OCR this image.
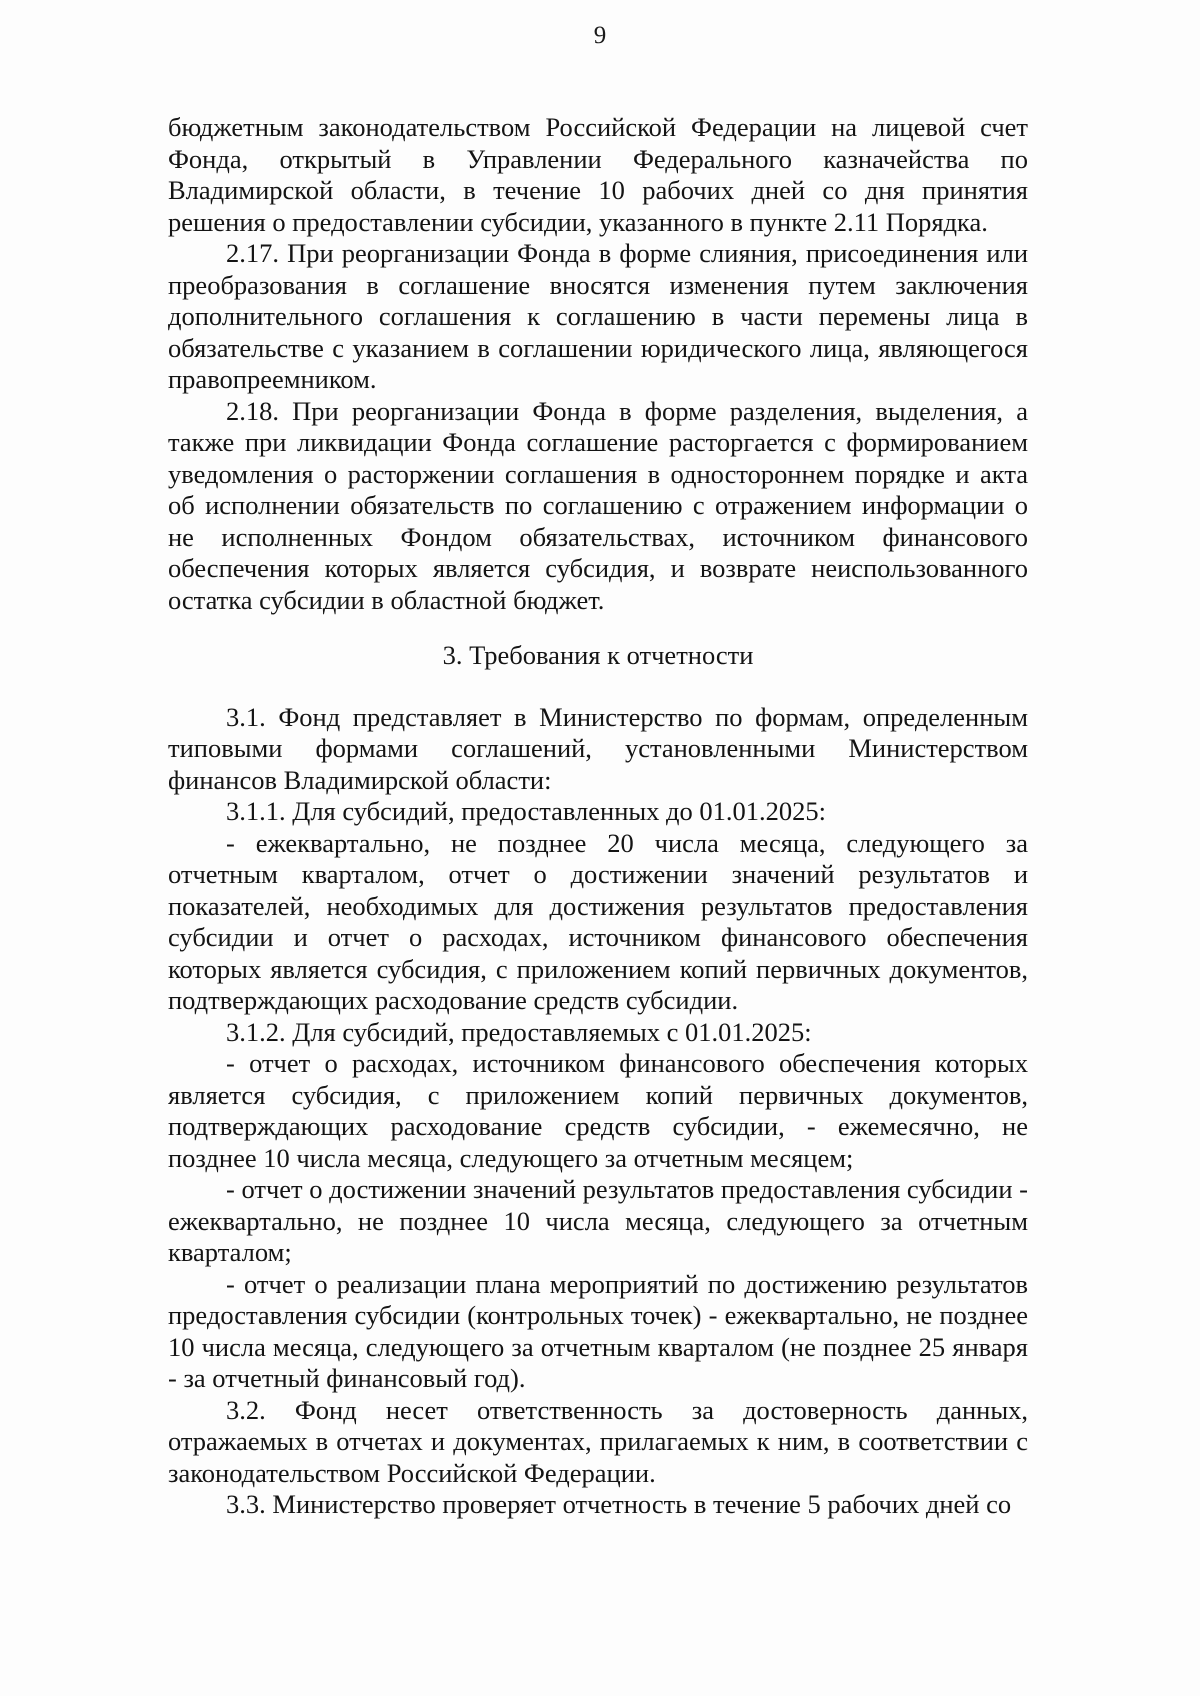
9

бюджетным законодательством Российской Федерации на лицевой счет Фонда, открытый в Управлении Федерального казначейства по Владимирской области, в течение 10 рабочих дней со дня принятия решения о предоставлении субсидии, указанного в пункте 2.11 Порядка.

2.17. При реорганизации Фонда в форме слияния, присоединения или преобразования в соглашение вносятся изменения путем заключения дополнительного соглашения к соглашению в части перемены лица в обязательстве с указанием в соглашении юридического лица, являющегося правопреемником.

2.18. При реорганизации Фонда в форме разделения, выделения, а также при ликвидации Фонда соглашение расторгается с формированием уведомления о расторжении соглашения в одностороннем порядке и акта об исполнении обязательств по соглашению с отражением информации о не исполненных Фондом обязательствах, источником финансового обеспечения которых является субсидия, и возврате неиспользованного остатка субсидии в областной бюджет.

3. Требования к отчетности

3.1. Фонд представляет в Министерство по формам, определенным типовыми формами соглашений, установленными Министерством финансов Владимирской области:

3.1.1. Для субсидий, предоставленных до 01.01.2025:

- ежеквартально, не позднее 20 числа месяца, следующего за отчетным кварталом, отчет о достижении значений результатов и показателей, необходимых для достижения результатов предоставления субсидии и отчет о расходах, источником финансового обеспечения которых является субсидия, с приложением копий первичных документов, подтверждающих расходование средств субсидии.

3.1.2. Для субсидий, предоставляемых с 01.01.2025:

- отчет о расходах, источником финансового обеспечения которых является субсидия, с приложением копий первичных документов, подтверждающих расходование средств субсидии, - ежемесячно, не позднее 10 числа месяца, следующего за отчетным месяцем;

- отчет о достижении значений результатов предоставления субсидии - ежеквартально, не позднее 10 числа месяца, следующего за отчетным кварталом;

- отчет о реализации плана мероприятий по достижению результатов предоставления субсидии (контрольных точек) - ежеквартально, не позднее 10 числа месяца, следующего за отчетным кварталом (не позднее 25 января - за отчетный финансовый год).

3.2. Фонд несет ответственность за достоверность данных, отражаемых в отчетах и документах, прилагаемых к ним, в соответствии с законодательством Российской Федерации.

3.3. Министерство проверяет отчетность в течение 5 рабочих дней со
